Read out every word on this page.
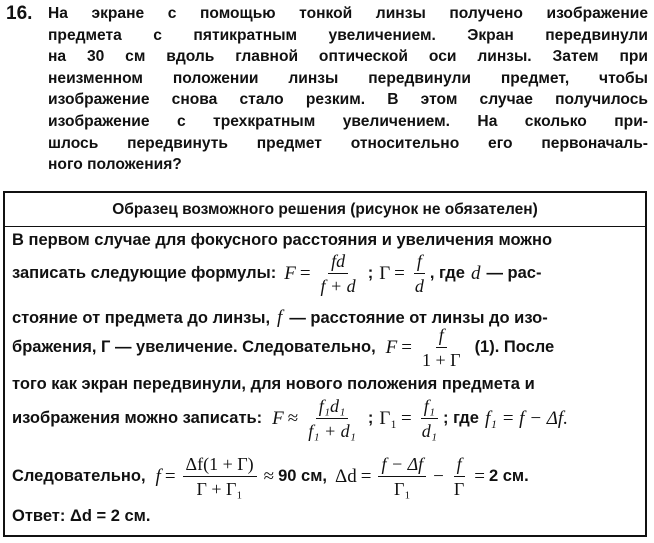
16. На экране с помощью тонкой линзы получено изображение
предмета с пятикратным увеличением. Экран передвинули
на 30 см вдоль главной оптической оси линзы. Затем при
неизменном положении линзы передвинули предмет, чтобы
изображение снова стало резким. В этом случае получилось
изображение с трехкратным увеличением. На сколько при-
шлось передвинуть предмет относительно его первоначаль-
ного положения?
Образец возможного решения (рисунок не обязателен)
В первом случае для фокусного расстояния и увеличения можно
записать следующие формулы: $F = \frac{fd}{f + d}$ ; $Г = \frac{f}{d}$ , где d — рас-
стояние от предмета до линзы, f — расстояние от линзы до изо-
бражения, Г — увеличение. Следовательно, $F = \frac{f}{1 + Г} (1)$. После
того как экран передвинули, для нового положения предмета и
изображения можно записать: $F \approx \frac{\text{f₁d₁}}{\text{f₁ + d₁}}$ ; $Г_1 = \frac{\text{f₁}}{\text{d₁}}$ ; где f₁ = f − Δf.
Следовательно, $f = \frac{\Delta f(1 + Г)}{\text{Г + Г₁}} \approx 90$ см, $\Delta d = \frac{f - \Delta f}{\text{Г₁}} - \frac{f}{Г} = 2$ см.
Ответ: Δd = 2 см.
